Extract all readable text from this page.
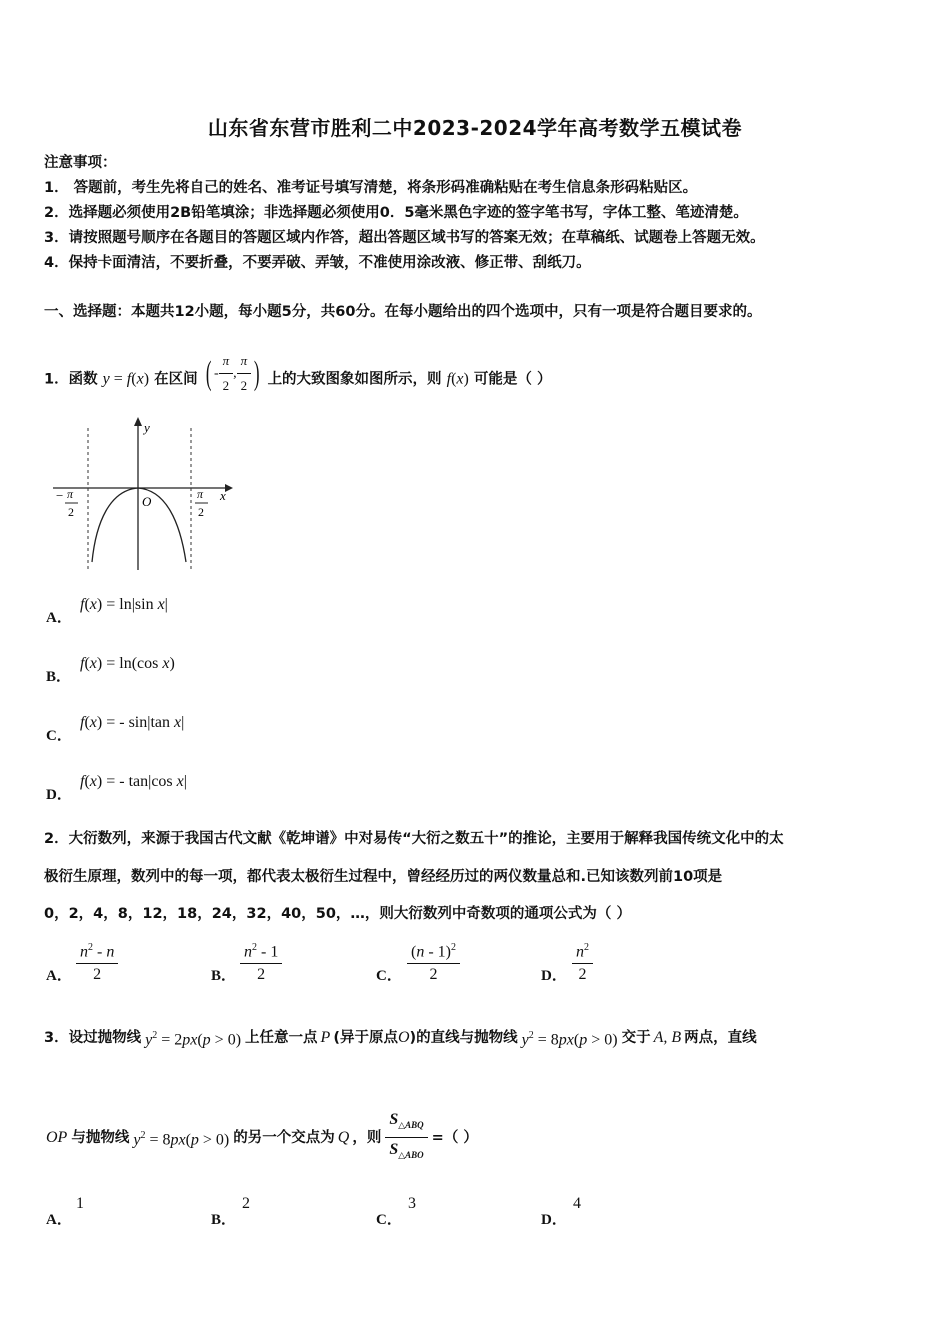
山东省东营市胜利二中2023-2024学年高考数学五模试卷
注意事项：
1． 答题前，考生先将自己的姓名、准考证号填写清楚，将条形码准确粘贴在考生信息条形码粘贴区。
2．选择题必须使用2B铅笔填涂；非选择题必须使用0．5毫米黑色字迹的签字笔书写，字体工整、笔迹清楚。
3．请按照题号顺序在各题目的答题区域内作答，超出答题区域书写的答案无效；在草稿纸、试题卷上答题无效。
4．保持卡面清洁，不要折叠，不要弄破、弄皱，不准使用涂改液、修正带、刮纸刀。
一、选择题：本题共12小题，每小题5分，共60分。在每小题给出的四个选项中，只有一项是符合题目要求的。
1．函数 y = f(x) 在区间 ( - $\frac{\pi}{2}$ , $\frac{\pi}{2}$ ) 上的大致图象如图所示，则 f(x) 可能是（ ）
y
x
O
− π
2
π
2
A．
f(x) = ln|sin x|
B．
f(x) = ln(cos x)
C．
f(x) = - sin|tan x|
D．
f(x) = - tan|cos x|
2．大衍数列，来源于我国古代文献《乾坤谱》中对易传“大衍之数五十”的推论，主要用于解释我国传统文化中的太
极衍生原理，数列中的每一项，都代表太极衍生过程中，曾经经历过的两仪数量总和.已知该数列前10项是
0，2，4，8，12，18，24，32，40，50，…，则大衍数列中奇数项的通项公式为（ ）
A． $\frac{n^2 - n}{2}$	B． $\frac{n^2 - 1}{2}$	C． $\frac{(n - 1)^2}{2}$	D． $\frac{n^2}{2}$
3．设过抛物线 $y^2 = 2px(p > 0)$ 上任意一点 P (异于原点 O )的直线与抛物线 $y^2 = 8px(p > 0)$ 交于 A, B 两点，直线
OP 与抛物线 $y^2 = 8px(p > 0)$ 的另一个交点为 Q ，则 $\frac{S_{\triangle ABQ}}{S_{\triangle ABO}}$ =（ ）
A．
1
B．
2
C．
3
D．
4
